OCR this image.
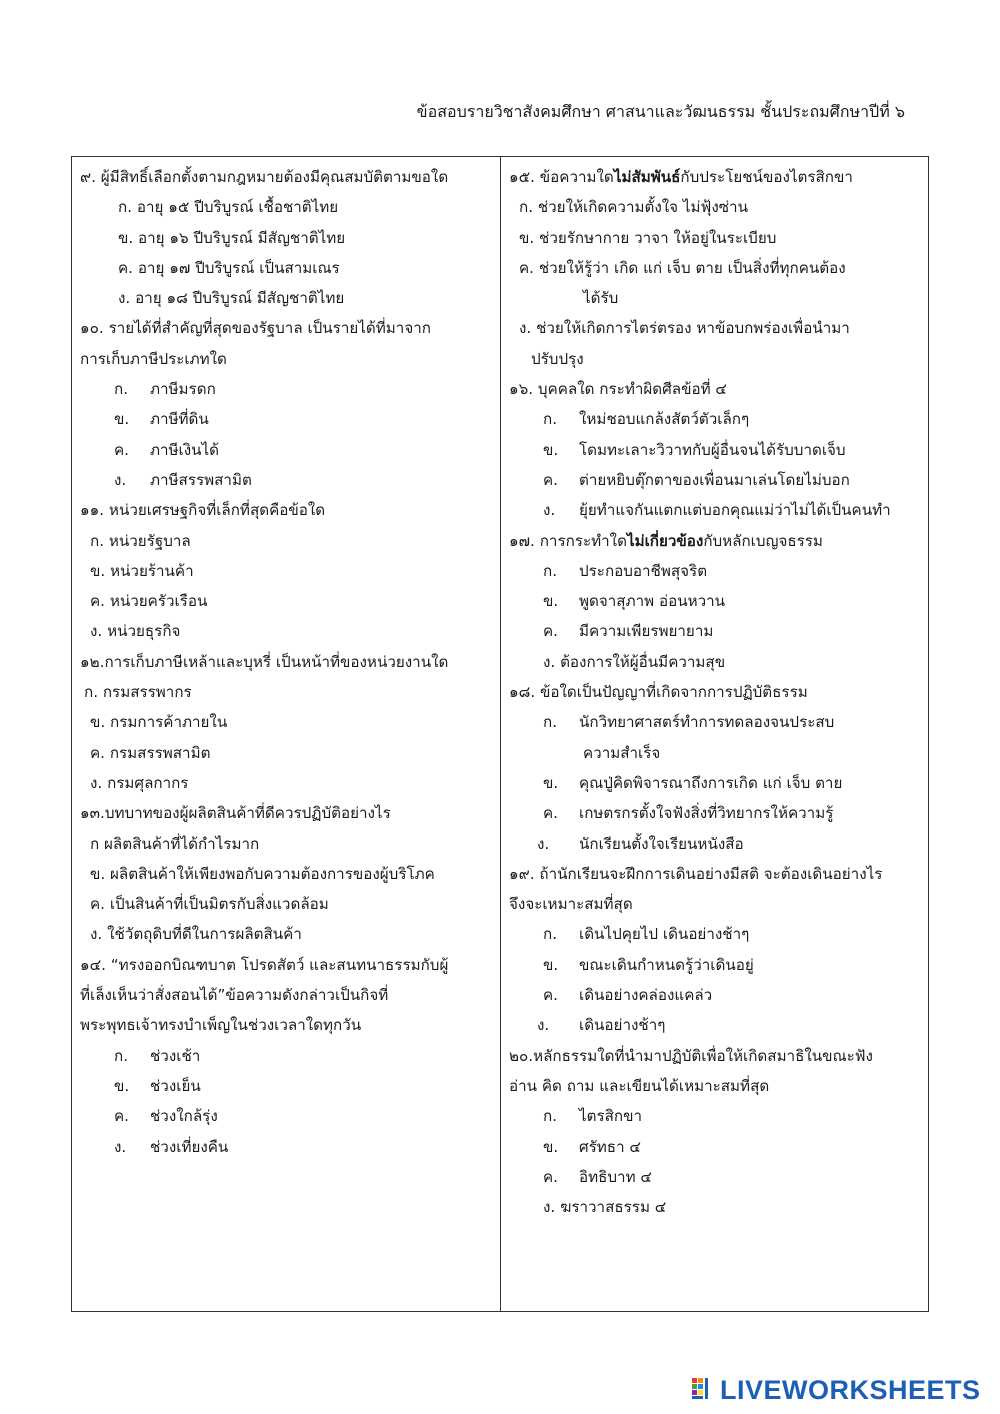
ข้อสอบรายวิชาสังคมศึกษา ศาสนาและวัฒนธรรม ชั้นประถมศึกษาปีที่ ๖
๙. ผู้มีสิทธิ์เลือกตั้งตามกฎหมายต้องมีคุณสมบัติตามขอใด
ก. อายุ ๑๕ ปีบริบูรณ์ เชื้อชาติไทย
ข. อายุ ๑๖ ปีบริบูรณ์ มีสัญชาติไทย
ค. อายุ ๑๗ ปีบริบูรณ์ เป็นสามเณร
ง. อายุ ๑๘ ปีบริบูรณ์ มีสัญชาติไทย
๑๐. รายได้ที่สำคัญที่สุดของรัฐบาล เป็นรายได้ที่มาจาก
การเก็บภาษีประเภทใด
ก. ภาษีมรดก
ข. ภาษีที่ดิน
ค. ภาษีเงินได้
ง. ภาษีสรรพสามิต
๑๑. หน่วยเศรษฐกิจที่เล็กที่สุดคือข้อใด
ก. หน่วยรัฐบาล
ข. หน่วยร้านค้า
ค. หน่วยครัวเรือน
ง. หน่วยธุรกิจ
๑๒.การเก็บภาษีเหล้าและบุหรี่ เป็นหน้าที่ของหน่วยงานใด
ก. กรมสรรพากร
ข. กรมการค้าภายใน
ค. กรมสรรพสามิต
ง. กรมศุลกากร
๑๓.บทบาทของผู้ผลิตสินค้าที่ดีควรปฏิบัติอย่างไร
ก ผลิตสินค้าที่ได้กำไรมาก
ข. ผลิตสินค้าให้เพียงพอกับความต้องการของผู้บริโภค
ค. เป็นสินค้าที่เป็นมิตรกับสิ่งแวดล้อม
ง. ใช้วัตถุดิบที่ดีในการผลิตสินค้า
๑๔. “ทรงออกบิณฑบาต โปรดสัตว์ และสนทนาธรรมกับผู้
ที่เล็งเห็นว่าสั่งสอนได้”ข้อความดังกล่าวเป็นกิจที่
พระพุทธเจ้าทรงบำเพ็ญในช่วงเวลาใดทุกวัน
ก. ช่วงเช้า
ข. ช่วงเย็น
ค. ช่วงใกล้รุ่ง
ง. ช่วงเที่ยงคืน
๑๕. ข้อความใดไม่สัมพันธ์กับประโยชน์ของไตรสิกขา
ก. ช่วยให้เกิดความตั้งใจ ไม่ฟุ้งซ่าน
ข. ช่วยรักษากาย วาจา ให้อยู่ในระเบียบ
ค. ช่วยให้รู้ว่า เกิด แก่ เจ็บ ตาย เป็นสิ่งที่ทุกคนต้อง
ได้รับ
ง. ช่วยให้เกิดการไตร่ตรอง หาข้อบกพร่องเพื่อนำมา
ปรับปรุง
๑๖. บุคคลใด กระทำผิดศีลข้อที่ ๔
ก. ใหม่ชอบแกล้งสัตว์ตัวเล็กๆ
ข. โดมทะเลาะวิวาทกับผู้อื่นจนได้รับบาดเจ็บ
ค. ต่ายหยิบตุ๊กตาของเพื่อนมาเล่นโดยไม่บอก
ง. ยุ้ยทำแจกันแตกแต่บอกคุณแม่ว่าไม่ได้เป็นคนทำ
๑๗. การกระทำใดไม่เกี่ยวข้องกับหลักเบญจธรรม
ก. ประกอบอาชีพสุจริต
ข. พูดจาสุภาพ อ่อนหวาน
ค. มีความเพียรพยายาม
ง. ต้องการให้ผู้อื่นมีความสุข
๑๘. ข้อใดเป็นปัญญาที่เกิดจากการปฏิบัติธรรม
ก. นักวิทยาศาสตร์ทำการทดลองจนประสบ
ความสำเร็จ
ข. คุณปู่คิดพิจารณาถึงการเกิด แก่ เจ็บ ตาย
ค. เกษตรกรตั้งใจฟังสิ่งที่วิทยากรให้ความรู้
ง. นักเรียนตั้งใจเรียนหนังสือ
๑๙. ถ้านักเรียนจะฝึกการเดินอย่างมีสติ จะต้องเดินอย่างไร
จึงจะเหมาะสมที่สุด
ก. เดินไปคุยไป เดินอย่างช้าๆ
ข. ขณะเดินกำหนดรู้ว่าเดินอยู่
ค. เดินอย่างคล่องแคล่ว
ง. เดินอย่างช้าๆ
๒๐.หลักธรรมใดที่นำมาปฏิบัติเพื่อให้เกิดสมาธิในขณะฟัง
อ่าน คิด ถาม และเขียนได้เหมาะสมที่สุด
ก. ไตรสิกขา
ข. ศรัทธา ๔
ค. อิทธิบาท ๔
ง. ฆราวาสธรรม ๔
LIVEWORKSHEETS
